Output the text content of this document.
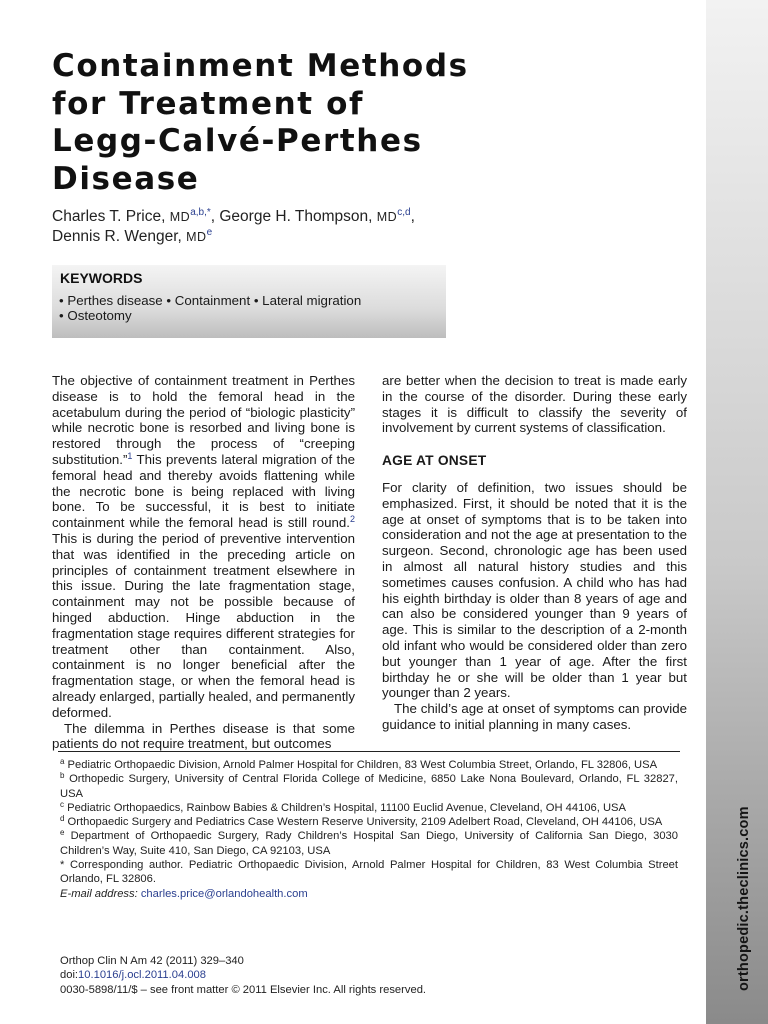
orthopedic.theclinics.com
Containment Methods
for Treatment of
Legg-Calvé-Perthes
Disease
Charles T. Price, $MD^{a,b,*}$, George H. Thompson, MD$^{c,d}$,
Dennis R. Wenger, MDe
KEYWORDS
• Perthes disease • Containment • Lateral migration
• Osteotomy

The objective of containment treatment in Perthes disease is to hold the femoral head in the acetabulum during the period of “biologic plasticity” while necrotic bone is resorbed and living bone is restored through the process of “creeping substitution.”$^1$ This prevents lateral migration of the femoral head and thereby avoids flattening while the necrotic bone is being replaced with living bone. To be successful, it is best to initiate containment while the femoral head is still round.$^2$ This is during the period of preventive intervention that was identified in the preceding article on principles of containment treatment elsewhere in this issue. During the late fragmentation stage, containment may not be possible because of hinged abduction. Hinge abduction in the fragmentation stage requires different strategies for treatment other than containment. Also, containment is no longer beneficial after the fragmentation stage, or when the femoral head is already enlarged, partially healed, and permanently deformed.

The dilemma in Perthes disease is that some patients do not require treatment, but outcomes

are better when the decision to treat is made early in the course of the disorder. During these early stages it is difficult to classify the severity of involvement by current systems of classification.

AGE AT ONSET

For clarity of definition, two issues should be emphasized. First, it should be noted that it is the age at onset of symptoms that is to be taken into consideration and not the age at presentation to the surgeon. Second, chronologic age has been used in almost all natural history studies and this sometimes causes confusion. A child who has had his eighth birthday is older than 8 years of age and can also be considered younger than 9 years of age. This is similar to the description of a 2-month old infant who would be considered older than zero but younger than 1 year of age. After the first birthday he or she will be older than 1 year but younger than 2 years.

The child’s age at onset of symptoms can provide guidance to initial planning in many cases.

$^a$ Pediatric Orthopaedic Division, Arnold Palmer Hospital for Children, 83 West Columbia Street, Orlando, FL 32806, USA

$^b$ Orthopedic Surgery, University of Central Florida College of Medicine, 6850 Lake Nona Boulevard, Orlando, FL 32827, USA

$^c$ Pediatric Orthopaedics, Rainbow Babies & Children’s Hospital, 11100 Euclid Avenue, Cleveland, OH 44106, USA

$^d$ Orthopaedic Surgery and Pediatrics Case Western Reserve University, 2109 Adelbert Road, Cleveland, OH 44106, USA

$^e$ Department of Orthopaedic Surgery, Rady Children’s Hospital San Diego, University of California San Diego, 3030 Children’s Way, Suite 410, San Diego, CA 92103, USA

* Corresponding author. Pediatric Orthopaedic Division, Arnold Palmer Hospital for Children, 83 West Columbia Street Orlando, FL 32806.

E-mail address: charles.price@orlandohealth.com

Orthop Clin N Am 42 (2011) 329–340
doi:10.1016/j.ocl.2011.04.008
0030-5898/11/$ – see front matter © 2011 Elsevier Inc. All rights reserved.
